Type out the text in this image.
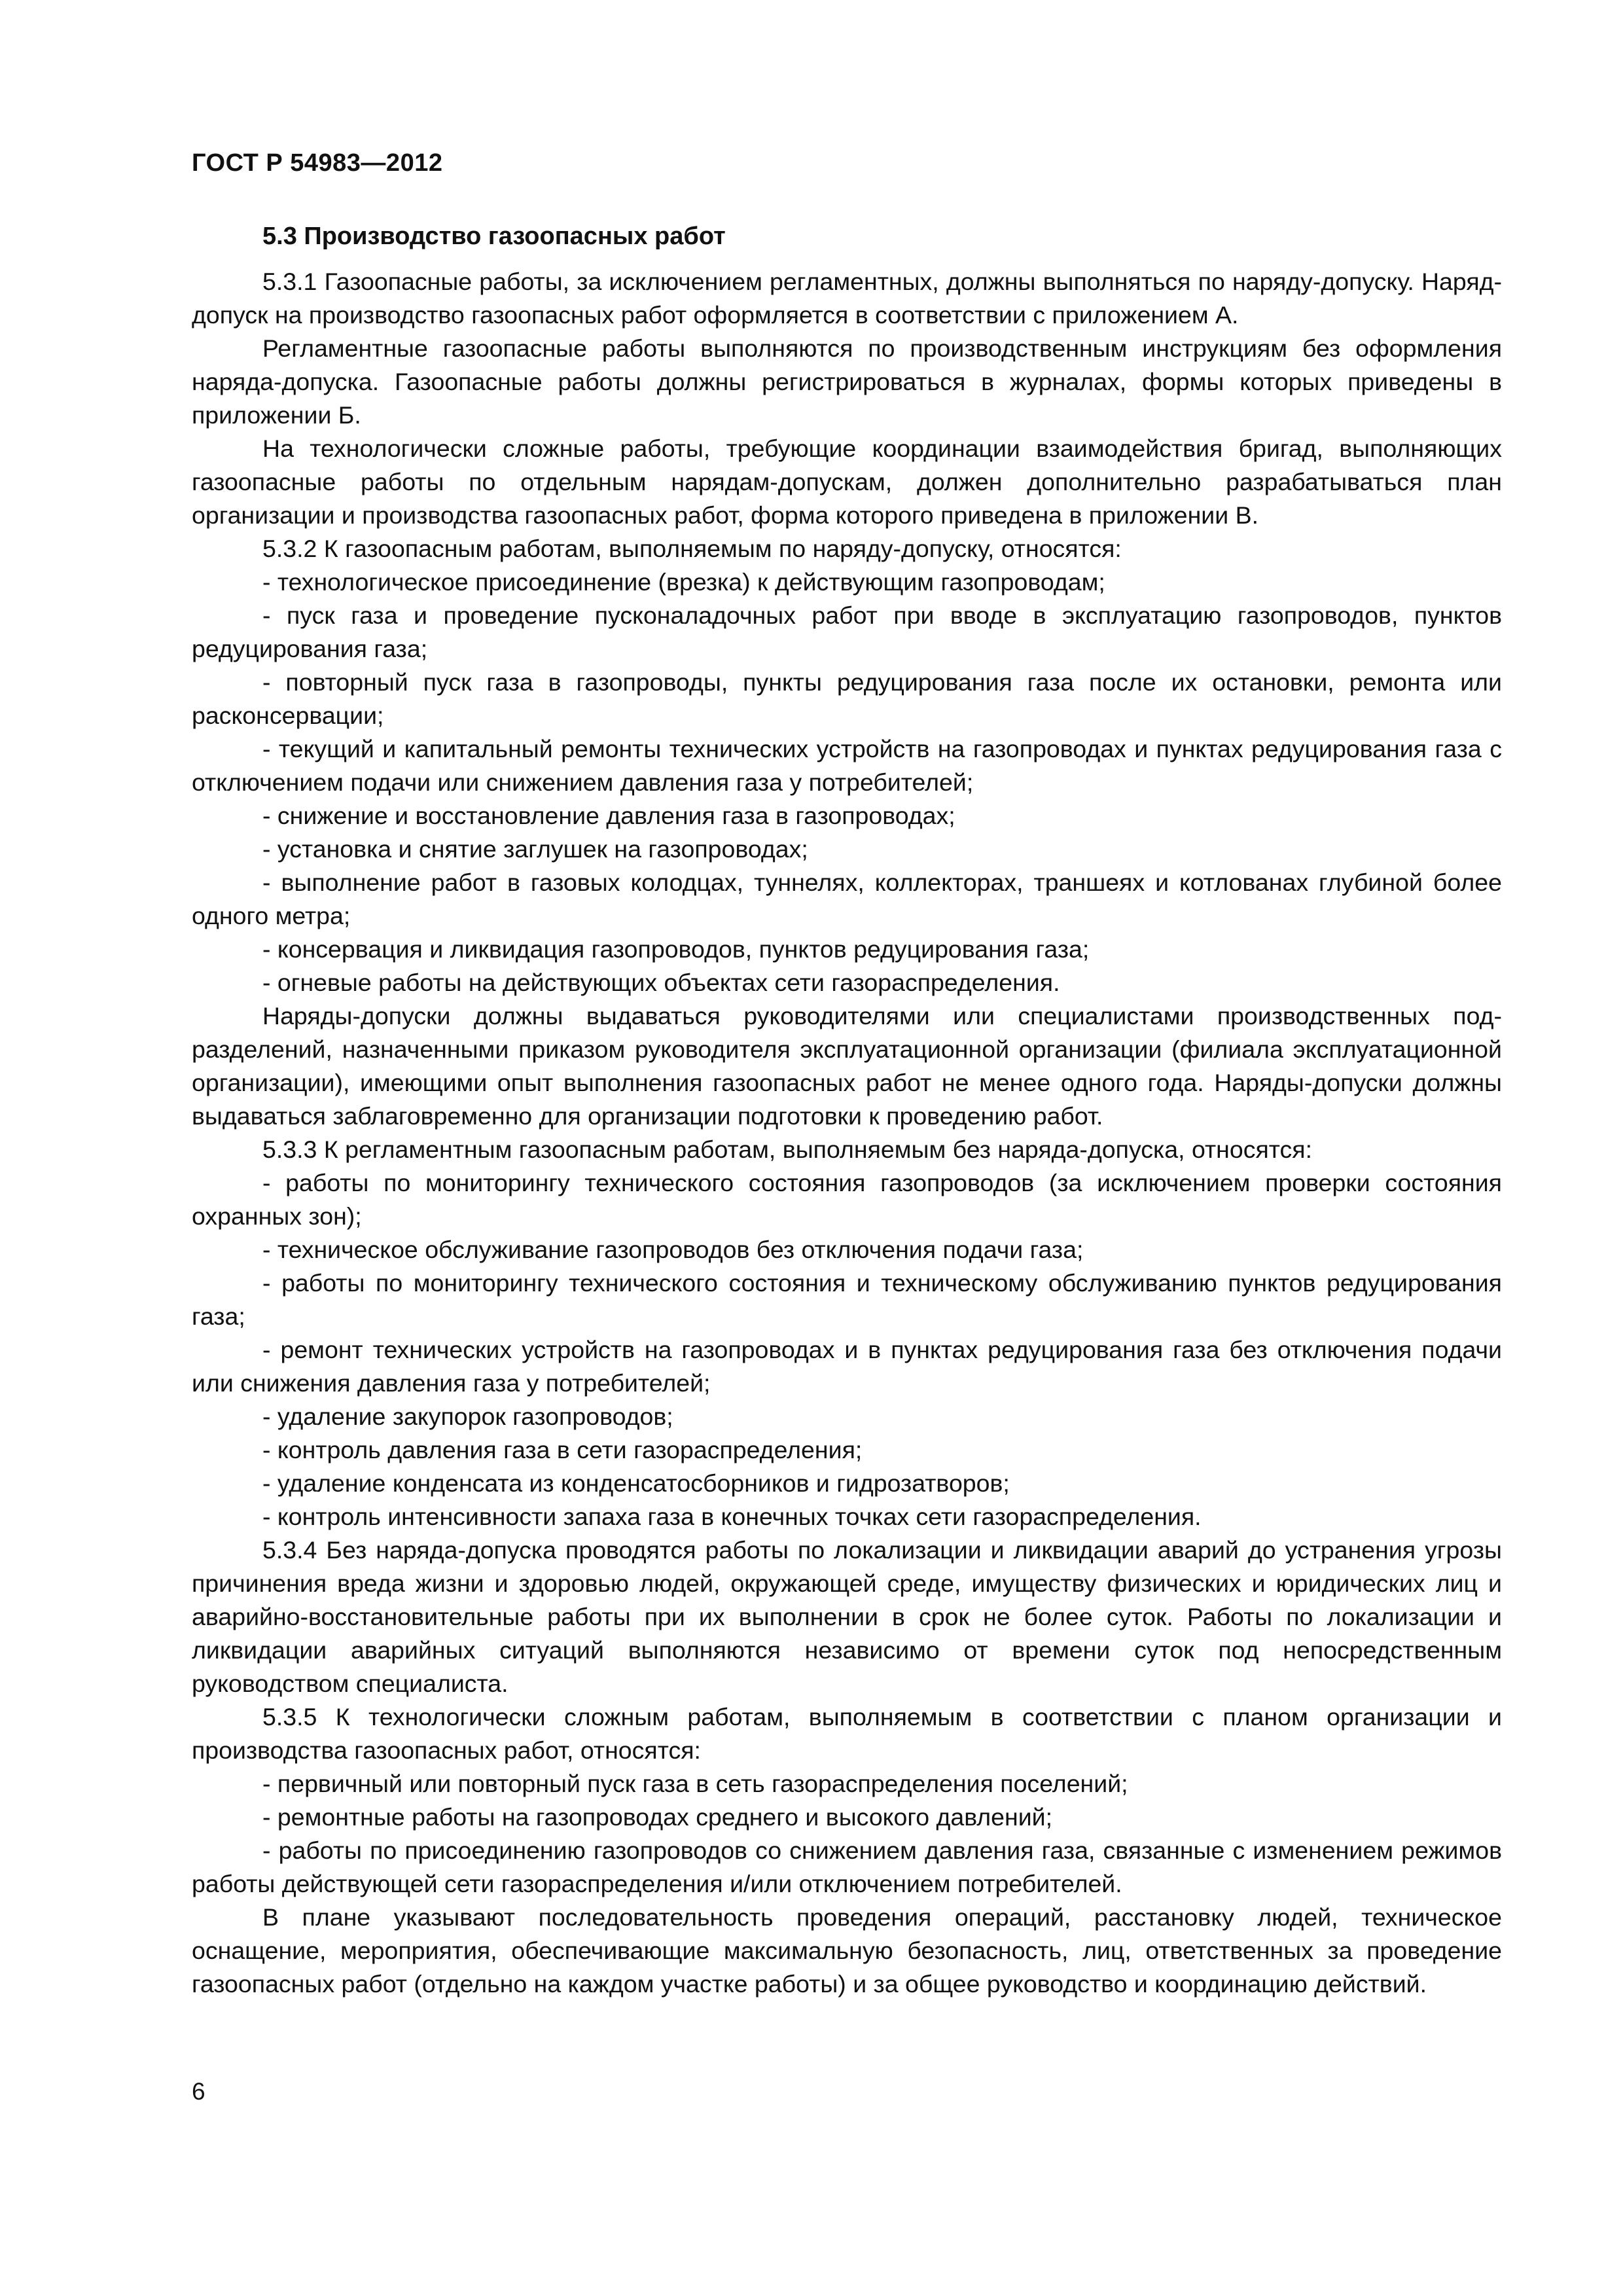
ГОСТ Р 54983—2012
5.3 Производство газоопасных работ

5.3.1 Газоопасные работы, за исключением регламентных, должны выполняться по наряду-допуску. Наряд-допуск на производство газоопасных работ оформляется в соответствии с приложением А.

Регламентные газоопасные работы выполняются по производственным инструкциям без оформления наряда-допуска. Газоопасные работы должны регистрироваться в журналах, формы которых приведены в приложении Б.

На технологически сложные работы, требующие координации взаимодействия бригад, выполняющих газоопасные работы по отдельным нарядам-допускам, должен дополнительно разрабатываться план организации и производства газоопасных работ, форма которого приведена в приложении В.

5.3.2 К газоопасным работам, выполняемым по наряду-допуску, относятся:

- технологическое присоединение (врезка) к действующим газопроводам;

- пуск газа и проведение пусконаладочных работ при вводе в эксплуатацию газопроводов, пунктов редуцирования газа;

- повторный пуск газа в газопроводы, пункты редуцирования газа после их остановки, ремонта или расконсервации;

- текущий и капитальный ремонты технических устройств на газопроводах и пунктах редуцирования газа с отключением подачи или снижением давления газа у потребителей;

- снижение и восстановление давления газа в газопроводах;

- установка и снятие заглушек на газопроводах;

- выполнение работ в газовых колодцах, туннелях, коллекторах, траншеях и котлованах глубиной более одного метра;

- консервация и ликвидация газопроводов, пунктов редуцирования газа;

- огневые работы на действующих объектах сети газораспределения.

Наряды-допуски должны выдаваться руководителями или специалистами производственных подразделений, назначенными приказом руководителя эксплуатационной организации (филиала эксплуатационной организации), имеющими опыт выполнения газоопасных работ не менее одного года. Наряды-допуски должны выдаваться заблаговременно для организации подготовки к проведению работ.

5.3.3 К регламентным газоопасным работам, выполняемым без наряда-допуска, относятся:

- работы по мониторингу технического состояния газопроводов (за исключением проверки состояния охранных зон);

- техническое обслуживание газопроводов без отключения подачи газа;

- работы по мониторингу технического состояния и техническому обслуживанию пунктов редуцирования газа;

- ремонт технических устройств на газопроводах и в пунктах редуцирования газа без отключения подачи или снижения давления газа у потребителей;

- удаление закупорок газопроводов;

- контроль давления газа в сети газораспределения;

- удаление конденсата из конденсатосборников и гидрозатворов;

- контроль интенсивности запаха газа в конечных точках сети газораспределения.

5.3.4 Без наряда-допуска проводятся работы по локализации и ликвидации аварий до устранения угрозы причинения вреда жизни и здоровью людей, окружающей среде, имуществу физических и юридических лиц и аварийно-восстановительные работы при их выполнении в срок не более суток. Работы по локализации и ликвидации аварийных ситуаций выполняются независимо от времени суток под непосредственным руководством специалиста.

5.3.5 К технологически сложным работам, выполняемым в соответствии с планом организации и производства газоопасных работ, относятся:

- первичный или повторный пуск газа в сеть газораспределения поселений;

- ремонтные работы на газопроводах среднего и высокого давлений;

- работы по присоединению газопроводов со снижением давления газа, связанные с изменением режимов работы действующей сети газораспределения и/или отключением потребителей.

В плане указывают последовательность проведения операций, расстановку людей, техническое оснащение, мероприятия, обеспечивающие максимальную безопасность, лиц, ответственных за проведение газоопасных работ (отдельно на каждом участке работы) и за общее руководство и координацию действий.

6
